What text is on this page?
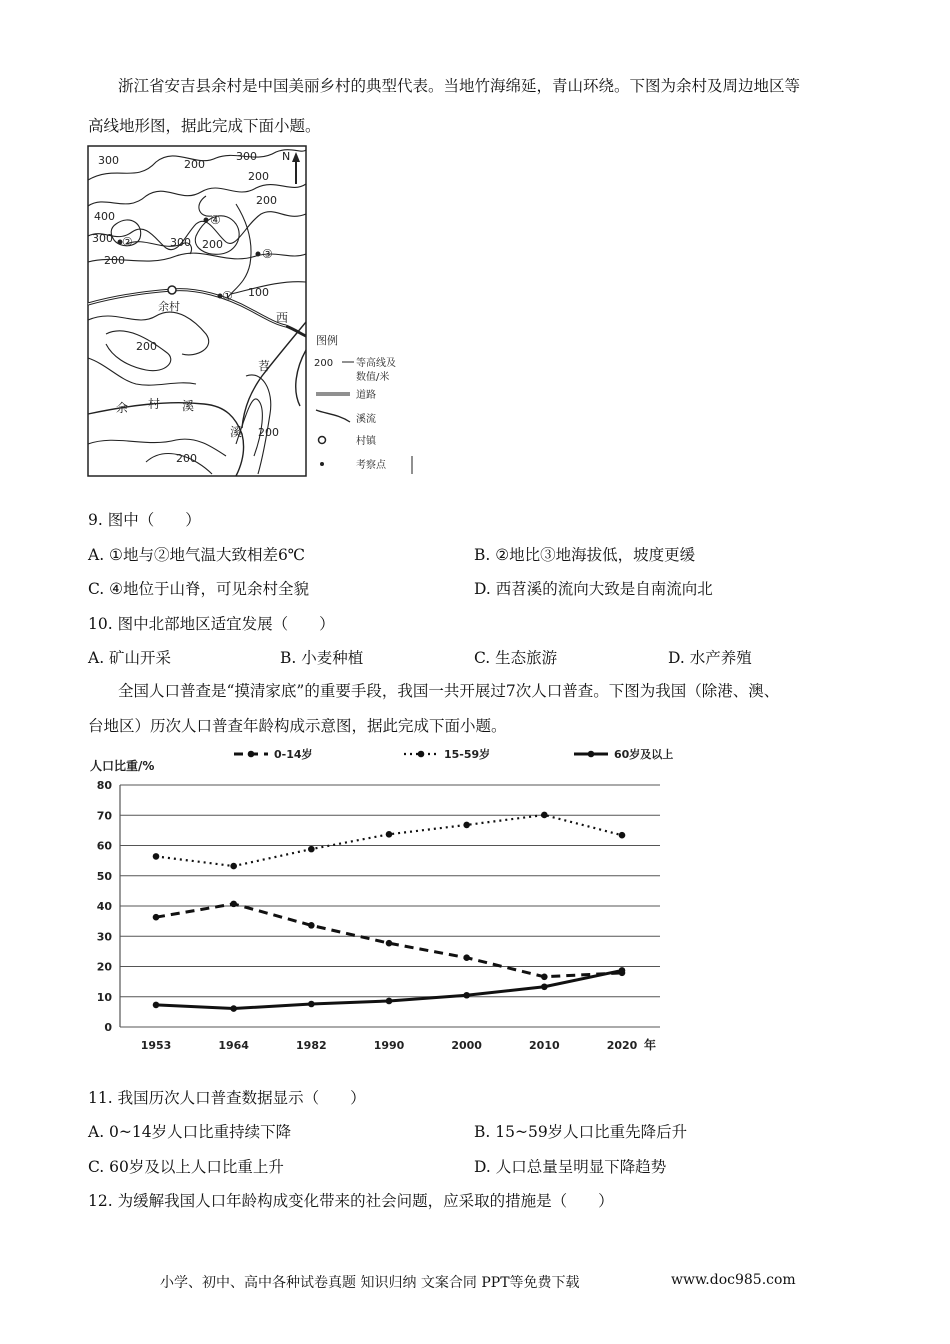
浙江省安吉县余村是中国美丽乡村的典型代表。当地竹海绵延，青山环绕。下图为余村及周边地区等
高线地形图，据此完成下面小题。
300	200
300
200
200
400
300	300
200
200
100
200
200
200
N
④
②
③
①
余村
西
苕
溪
余 村 溪
图例
200 等高线及
数值/米
道路
溪流
村镇
考察点
9. 图中（　　）
A. ①地与②地气温大致相差6℃	B. ②地比③地海拔低，坡度更缓
C. ④地位于山脊，可见余村全貌	D. 西苕溪的流向大致是自南流向北
10. 图中北部地区适宜发展（　　）
A. 矿山开采	B. 小麦种植	C. 生态旅游	D. 水产养殖
全国人口普查是“摸清家底”的重要手段，我国一共开展过7次人口普查。下图为我国（除港、澳、
台地区）历次人口普查年龄构成示意图，据此完成下面小题。
0-14岁	15-59岁	60岁及以上
人口比重/%
0
10
20
30
40
50
60
70
80
1953	1964	1982	1990	2000	2010	2020 年
11. 我国历次人口普查数据显示（　　）
A. 0~14岁人口比重持续下降	B. 15~59岁人口比重先降后升
C. 60岁及以上人口比重上升	D. 人口总量呈明显下降趋势
12. 为缓解我国人口年龄构成变化带来的社会问题，应采取的措施是（　　）
小学、初中、高中各种试卷真题 知识归纳 文案合同 PPT等免费下载	www.doc985.com
